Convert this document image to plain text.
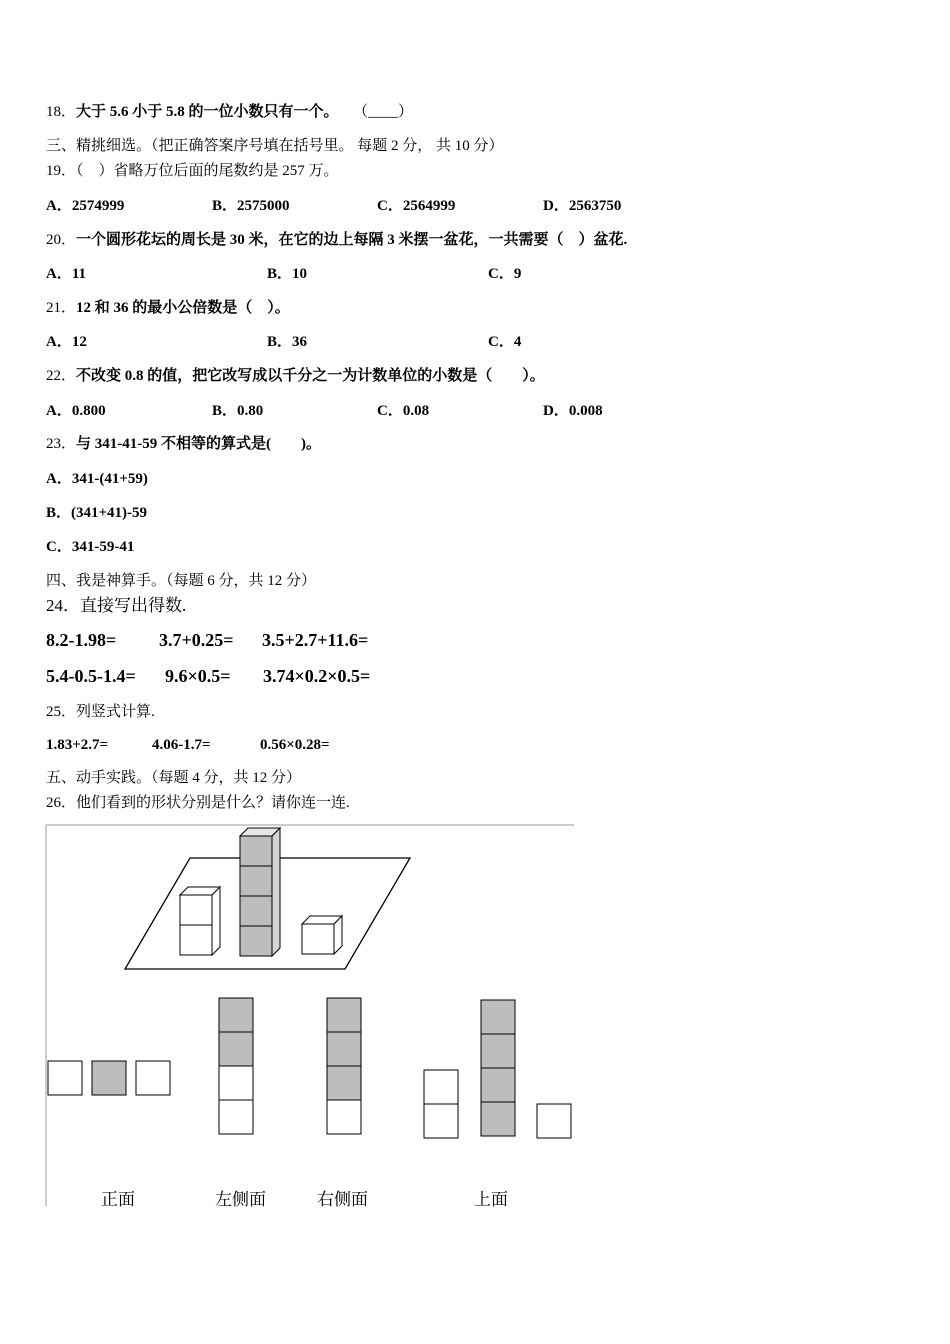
18．大于 5.6 小于 5.8 的一位小数只有一个。 （____）
三、精挑细选。（把正确答案序号填在括号里。 每题 2 分， 共 10 分）
19．（　）省略万位后面的尾数约是 257 万。
A．2574999	B．2575000	C．2564999	D．2563750
20．一个圆形花坛的周长是 30 米，在它的边上每隔 3 米摆一盆花，一共需要（　）盆花.
A．11	B．10	C．9
21．12 和 36 的最小公倍数是（　）。
A．12	B．36	C．4
22．不改变 0.8 的值，把它改写成以千分之一为计数单位的小数是（　　）。
A．0.800	B．0.80	C．0.08	D．0.008
23．与 341-41-59 不相等的算式是(　　)。
A．341-(41+59)
B．(341+41)-59
C．341-59-41
四、我是神算手。（每题 6 分，共 12 分）
24．直接写出得数.
8.2-1.98= 3.7+0.25= 3.5+2.7+11.6=
5.4-0.5-1.4= 9.6×0.5= 3.74×0.2×0.5=
25．列竖式计算.
1.83+2.7=	4.06-1.7=	0.56×0.28=
五、动手实践。（每题 4 分，共 12 分）
26．他们看到的形状分别是什么？请你连一连.
正面	左侧面	右侧面	上面
